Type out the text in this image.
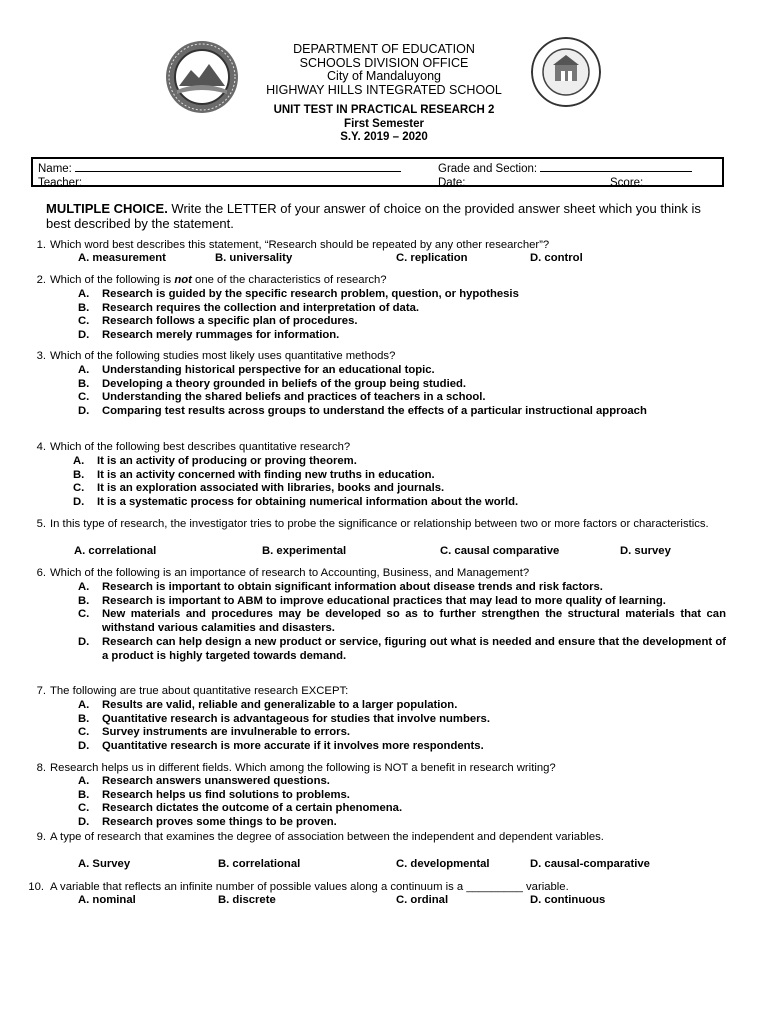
DEPARTMENT OF EDUCATION
SCHOOLS DIVISION OFFICE
City of Mandaluyong
HIGHWAY HILLS INTEGRATED SCHOOL
UNIT TEST IN PRACTICAL RESEARCH 2
First Semester
S.Y. 2019 – 2020
Name:	Grade and Section:
Teacher:	Date:	Score:
MULTIPLE CHOICE. Write the LETTER of your answer of choice on the provided answer sheet which you think is best described by the statement.
1. Which word best describes this statement, “Research should be repeated by any other researcher”?
A. measurement	B. universality	C. replication	D. control
2. Which of the following is not one of the characteristics of research?
A. Research is guided by the specific research problem, question, or hypothesis
B. Research requires the collection and interpretation of data.
C. Research follows a specific plan of procedures.
D. Research merely rummages for information.
3. Which of the following studies most likely uses quantitative methods?
A. Understanding historical perspective for an educational topic.
B. Developing a theory grounded in beliefs of the group being studied.
C. Understanding the shared beliefs and practices of teachers in a school.
D. Comparing test results across groups to understand the effects of a particular instructional approach
4. Which of the following best describes quantitative research?
A. It is an activity of producing or proving theorem.
B. It is an activity concerned with finding new truths in education.
C. It is an exploration associated with libraries, books and journals.
D. It is a systematic process for obtaining numerical information about the world.
5. In this type of research, the investigator tries to probe the significance or relationship between two or more factors or characteristics.
A. correlational	B. experimental	C. causal comparative	D. survey
6. Which of the following is an importance of research to Accounting, Business, and Management?
A. Research is important to obtain significant information about disease trends and risk factors.
B. Research is important to ABM to improve educational practices that may lead to more quality of learning.
C. New materials and procedures may be developed so as to further strengthen the structural materials that can withstand various calamities and disasters.
D. Research can help design a new product or service, figuring out what is needed and ensure that the development of a product is highly targeted towards demand.
7. The following are true about quantitative research EXCEPT:
A. Results are valid, reliable and generalizable to a larger population.
B. Quantitative research is advantageous for studies that involve numbers.
C. Survey instruments are invulnerable to errors.
D. Quantitative research is more accurate if it involves more respondents.
8. Research helps us in different fields. Which among the following is NOT a benefit in research writing?
A. Research answers unanswered questions.
B. Research helps us find solutions to problems.
C. Research dictates the outcome of a certain phenomena.
D. Research proves some things to be proven.
9. A type of research that examines the degree of association between the independent and dependent variables.
A. Survey	B. correlational	C. developmental	D. causal-comparative
10. A variable that reflects an infinite number of possible values along a continuum is a _________ variable.
A. nominal	B. discrete	C. ordinal	D. continuous
